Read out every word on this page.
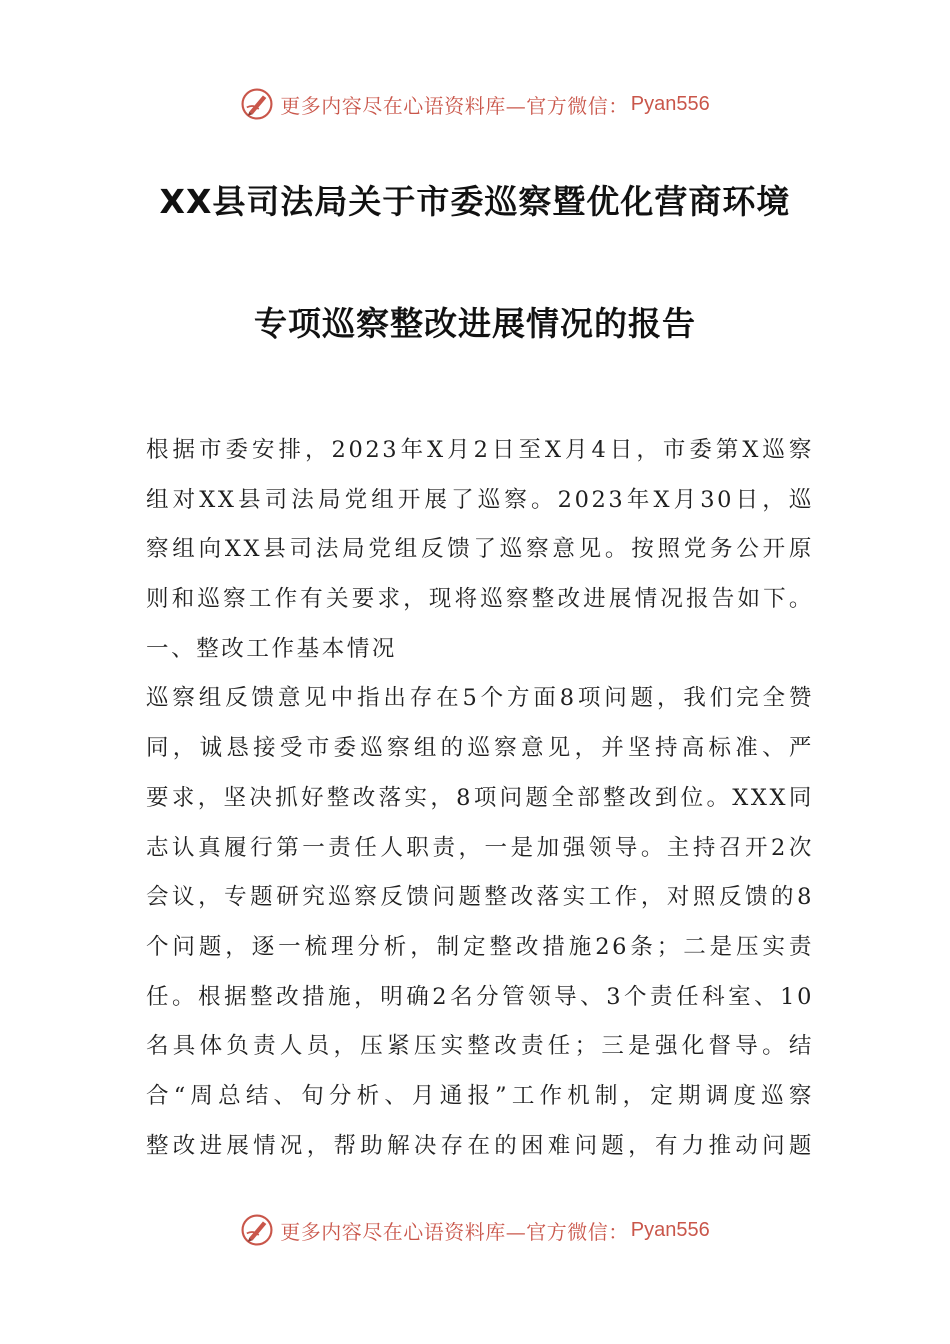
更多内容尽在心语资料库—官方微信： Pyan556
XX县司法局关于市委巡察暨优化营商环境
专项巡察整改进展情况的报告
根据市委安排，2023年X月2日至X月4日，市委第X巡察
组对XX县司法局党组开展了巡察。2023年X月30日，巡
察组向XX县司法局党组反馈了巡察意见。按照党务公开原
则和巡察工作有关要求，现将巡察整改进展情况报告如下。
一、整改工作基本情况
巡察组反馈意见中指出存在5个方面8项问题，我们完全赞
同，诚恳接受市委巡察组的巡察意见，并坚持高标准、严
要求，坚决抓好整改落实，8项问题全部整改到位。XXX同
志认真履行第一责任人职责，一是加强领导。主持召开2次
会议，专题研究巡察反馈问题整改落实工作，对照反馈的8
个问题，逐一梳理分析，制定整改措施26条；二是压实责
任。根据整改措施，明确2名分管领导、3个责任科室、10
名具体负责人员，压紧压实整改责任；三是强化督导。结
合“周总结、旬分析、月通报”工作机制，定期调度巡察
整改进展情况，帮助解决存在的困难问题，有力推动问题
更多内容尽在心语资料库—官方微信： Pyan556
